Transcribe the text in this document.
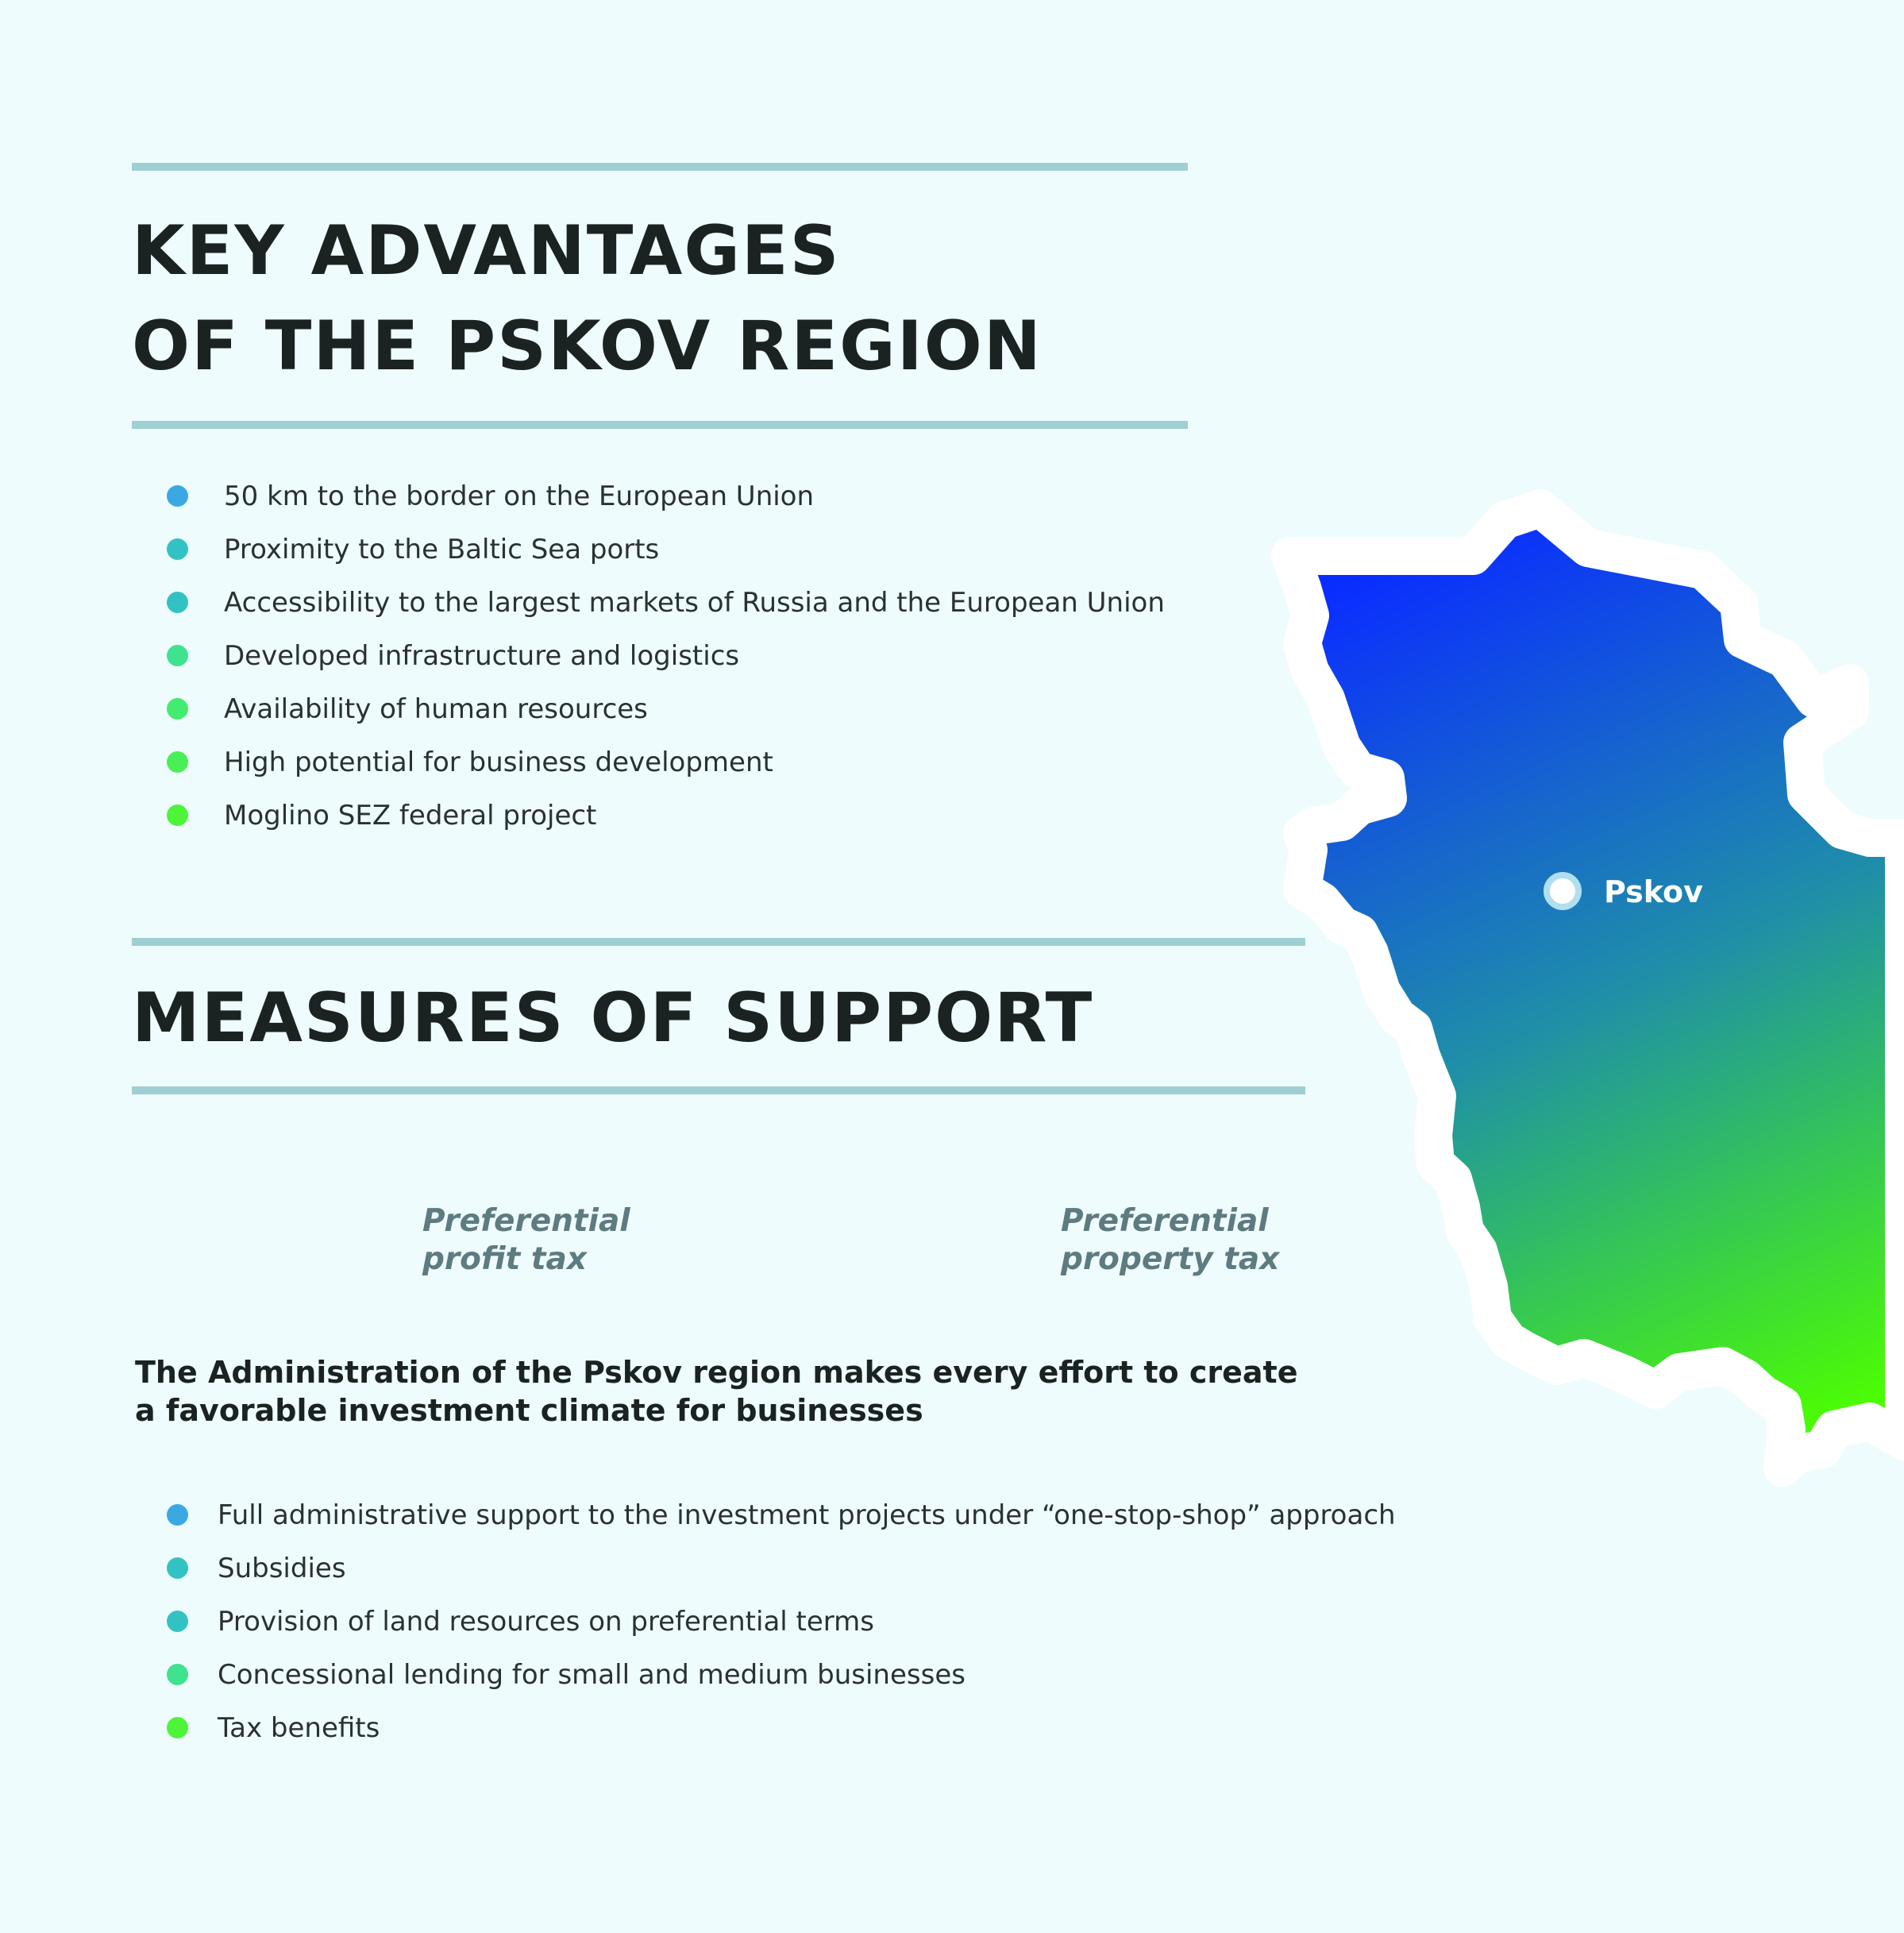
Pskov
KEY ADVANTAGES
OF THE PSKOV REGION
50 km to the border on the European Union
Proximity to the Baltic Sea ports
Accessibility to the largest markets of Russia and the European Union
Developed infrastructure and logistics
Availability of human resources
High potential for business development
Moglino SEZ federal project
MEASURES OF SUPPORT

Preferential
profit tax

Preferential
property tax

The Administration of the Pskov region makes every effort to create
a favorable investment climate for businesses

Full administrative support to the investment projects under “one-stop-shop” approach
Subsidies
Provision of land resources on preferential terms
Concessional lending for small and medium businesses
Tax benefits
